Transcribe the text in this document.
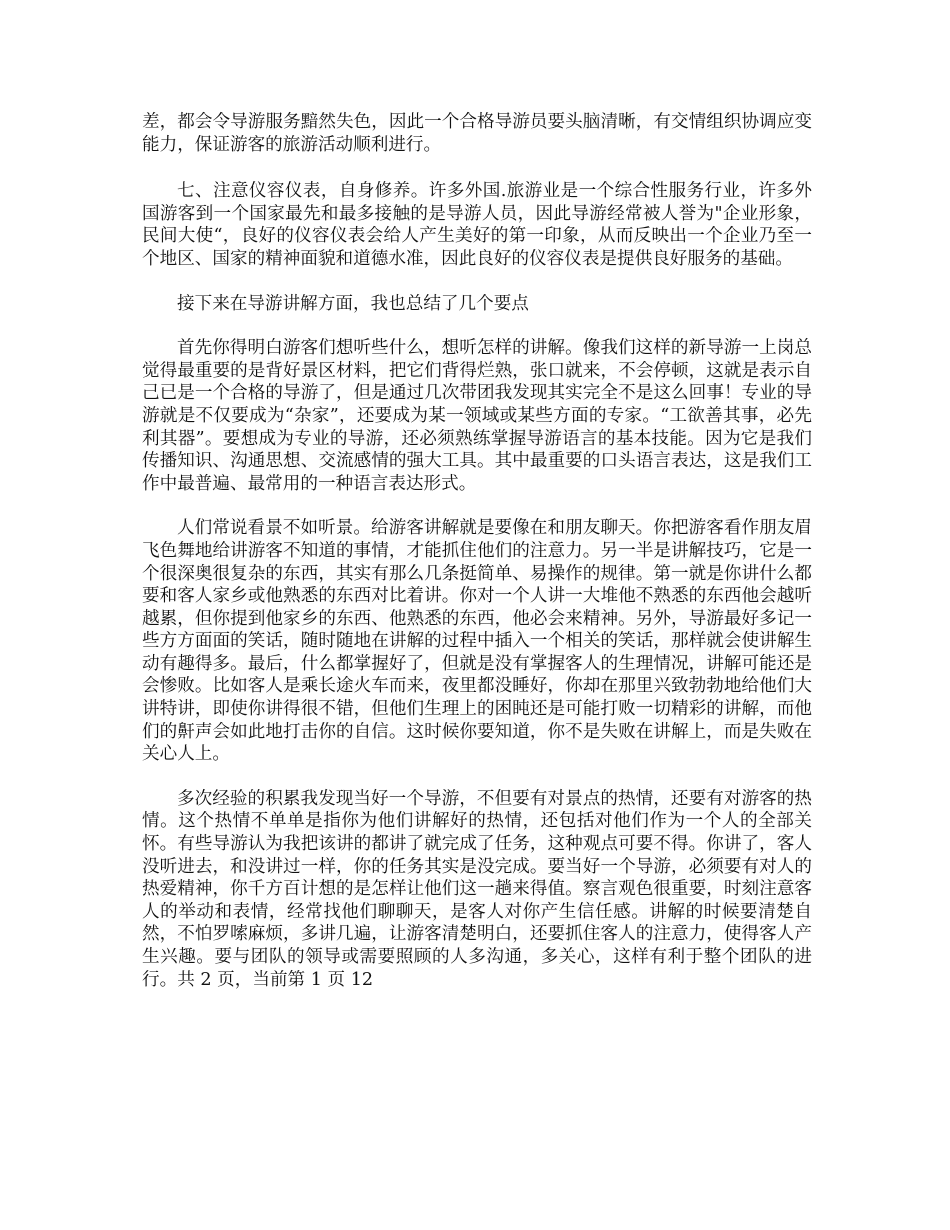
差，都会令导游服务黯然失色，因此一个合格导游员要头脑清晰，有交情组织协调应变能力，保证游客的旅游活动顺利进行。

七、注意仪容仪表，自身修养。许多外国.旅游业是一个综合性服务行业，许多外国游客到一个国家最先和最多接触的是导游人员，因此导游经常被人誉为"企业形象，民间大使“，良好的仪容仪表会给人产生美好的第一印象，从而反映出一个企业乃至一个地区、国家的精神面貌和道德水准，因此良好的仪容仪表是提供良好服务的基础。

接下来在导游讲解方面，我也总结了几个要点

首先你得明白游客们想听些什么，想听怎样的讲解。像我们这样的新导游一上岗总觉得最重要的是背好景区材料，把它们背得烂熟，张口就来，不会停顿，这就是表示自己已是一个合格的导游了，但是通过几次带团我发现其实完全不是这么回事！专业的导游就是不仅要成为“杂家”，还要成为某一领域或某些方面的专家。“工欲善其事，必先利其器”。要想成为专业的导游，还必须熟练掌握导游语言的基本技能。因为它是我们传播知识、沟通思想、交流感情的强大工具。其中最重要的口头语言表达，这是我们工作中最普遍、最常用的一种语言表达形式。

人们常说看景不如听景。给游客讲解就是要像在和朋友聊天。你把游客看作朋友眉飞色舞地给讲游客不知道的事情，才能抓住他们的注意力。另一半是讲解技巧，它是一个很深奥很复杂的东西，其实有那么几条挺简单、易操作的规律。第一就是你讲什么都要和客人家乡或他熟悉的东西对比着讲。你对一个人讲一大堆他不熟悉的东西他会越听越累，但你提到他家乡的东西、他熟悉的东西，他必会来精神。另外，导游最好多记一些方方面面的笑话，随时随地在讲解的过程中插入一个相关的笑话，那样就会使讲解生动有趣得多。最后，什么都掌握好了，但就是没有掌握客人的生理情况，讲解可能还是会惨败。比如客人是乘长途火车而来，夜里都没睡好，你却在那里兴致勃勃地给他们大讲特讲，即使你讲得很不错，但他们生理上的困盹还是可能打败一切精彩的讲解，而他们的鼾声会如此地打击你的自信。这时候你要知道，你不是失败在讲解上，而是失败在关心人上。

多次经验的积累我发现当好一个导游，不但要有对景点的热情，还要有对游客的热情。这个热情不单单是指你为他们讲解好的热情，还包括对他们作为一个人的全部关怀。有些导游认为我把该讲的都讲了就完成了任务，这种观点可要不得。你讲了，客人没听进去，和没讲过一样，你的任务其实是没完成。要当好一个导游，必须要有对人的热爱精神，你千方百计想的是怎样让他们这一趟来得值。察言观色很重要，时刻注意客人的举动和表情，经常找他们聊聊天，是客人对你产生信任感。讲解的时候要清楚自然，不怕罗嗦麻烦，多讲几遍，让游客清楚明白，还要抓住客人的注意力，使得客人产生兴趣。要与团队的领导或需要照顾的人多沟通，多关心，这样有利于整个团队的进行。共 2 页，当前第 1 页 12
